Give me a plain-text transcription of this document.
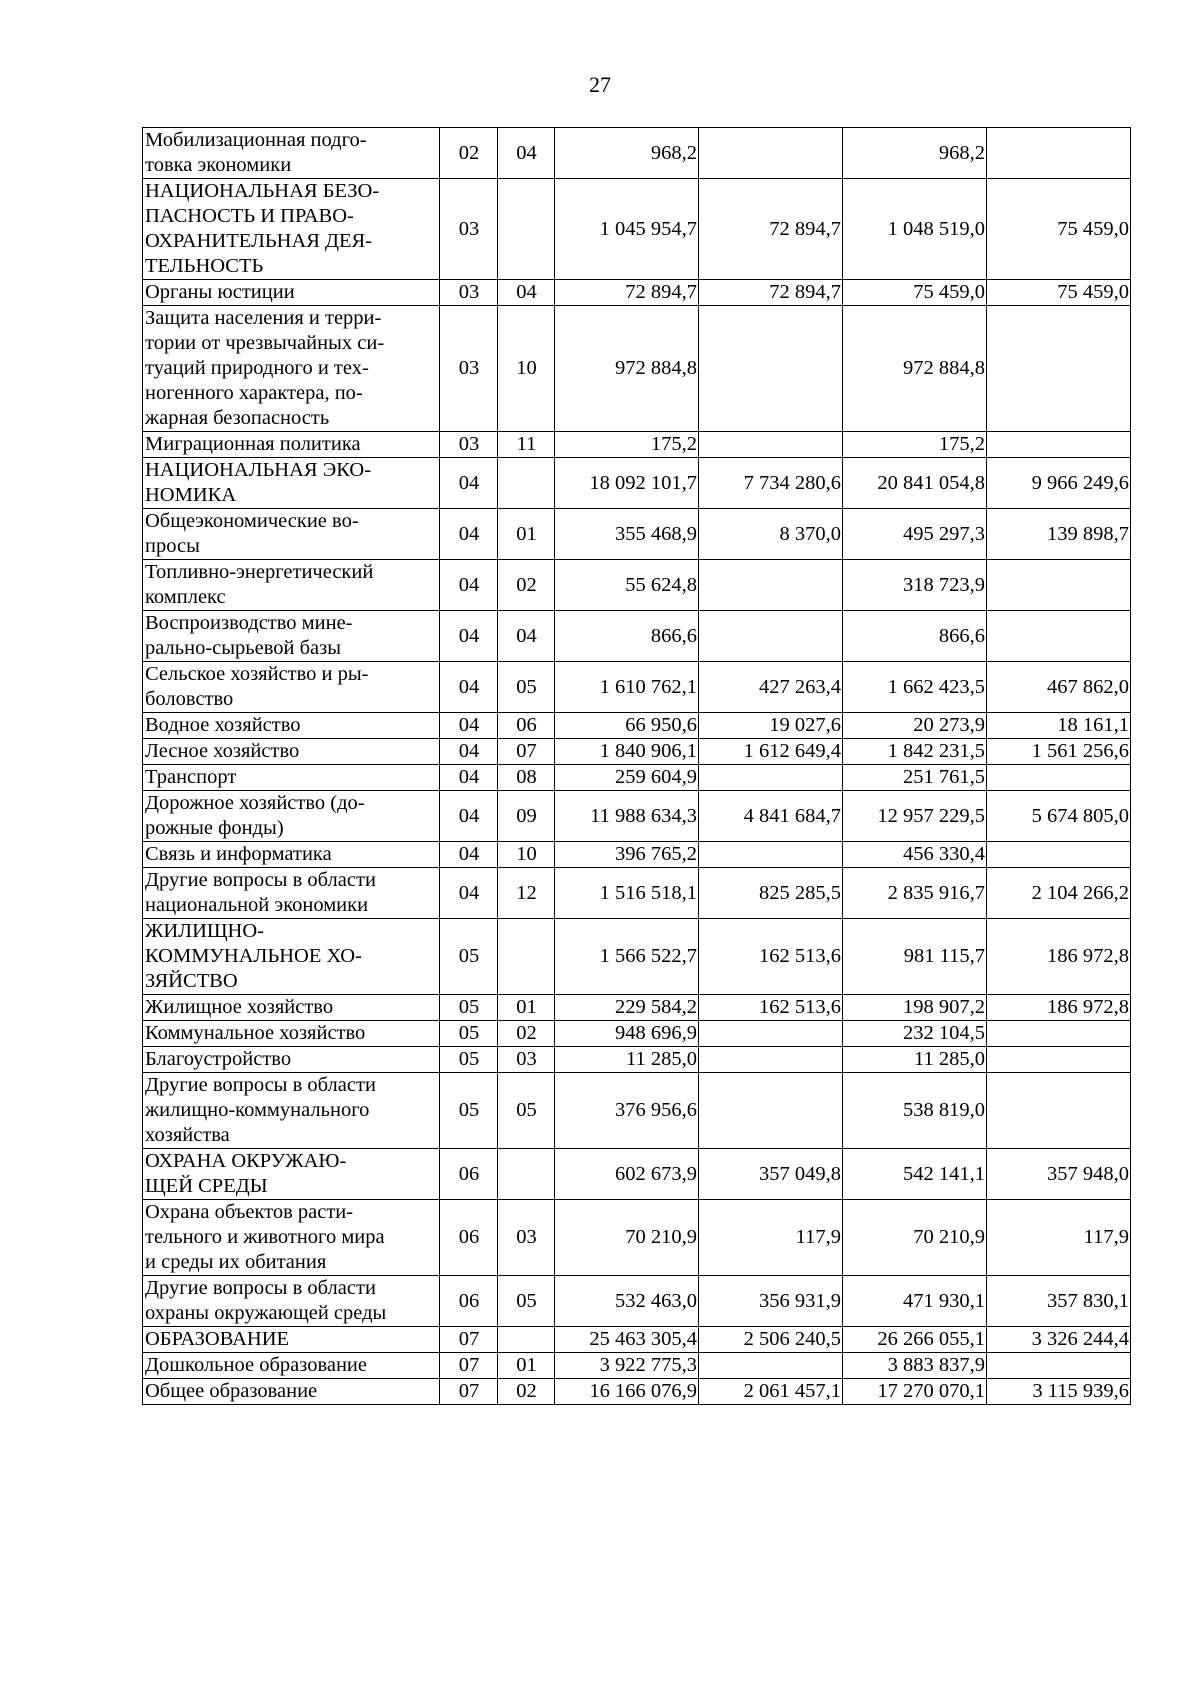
27
Мобилизационная подго-
товка экономики	02	04	968,2		968,2	
НАЦИОНАЛЬНАЯ БЕЗО-
ПАСНОСТЬ И ПРАВО-
ОХРАНИТЕЛЬНАЯ ДЕЯ-
ТЕЛЬНОСТЬ	03		1 045 954,7	72 894,7	1 048 519,0	75 459,0
Органы юстиции	03	04	72 894,7	72 894,7	75 459,0	75 459,0
Защита населения и терри-
тории от чрезвычайных си-
туаций природного и тех-
ногенного характера, по-
жарная безопасность	03	10	972 884,8		972 884,8	
Миграционная политика	03	11	175,2		175,2	
НАЦИОНАЛЬНАЯ ЭКО-
НОМИКА	04		18 092 101,7	7 734 280,6	20 841 054,8	9 966 249,6
Общеэкономические во-
просы	04	01	355 468,9	8 370,0	495 297,3	139 898,7
Топливно-энергетический
комплекс	04	02	55 624,8		318 723,9	
Воспроизводство мине-
рально-сырьевой базы	04	04	866,6		866,6	
Сельское хозяйство и ры-
боловство	04	05	1 610 762,1	427 263,4	1 662 423,5	467 862,0
Водное хозяйство	04	06	66 950,6	19 027,6	20 273,9	18 161,1
Лесное хозяйство	04	07	1 840 906,1	1 612 649,4	1 842 231,5	1 561 256,6
Транспорт	04	08	259 604,9		251 761,5	
Дорожное хозяйство (до-
рожные фонды)	04	09	11 988 634,3	4 841 684,7	12 957 229,5	5 674 805,0
Связь и информатика	04	10	396 765,2		456 330,4	
Другие вопросы в области
национальной экономики	04	12	1 516 518,1	825 285,5	2 835 916,7	2 104 266,2
ЖИЛИЩНО-
КОММУНАЛЬНОЕ ХО-
ЗЯЙСТВО	05		1 566 522,7	162 513,6	981 115,7	186 972,8
Жилищное хозяйство	05	01	229 584,2	162 513,6	198 907,2	186 972,8
Коммунальное хозяйство	05	02	948 696,9		232 104,5	
Благоустройство	05	03	11 285,0		11 285,0	
Другие вопросы в области
жилищно-коммунального
хозяйства	05	05	376 956,6		538 819,0	
ОХРАНА ОКРУЖАЮ-
ЩЕЙ СРЕДЫ	06		602 673,9	357 049,8	542 141,1	357 948,0
Охрана объектов расти-
тельного и животного мира
и среды их обитания	06	03	70 210,9	117,9	70 210,9	117,9
Другие вопросы в области
охраны окружающей среды	06	05	532 463,0	356 931,9	471 930,1	357 830,1
ОБРАЗОВАНИЕ	07		25 463 305,4	2 506 240,5	26 266 055,1	3 326 244,4
Дошкольное образование	07	01	3 922 775,3		3 883 837,9	
Общее образование	07	02	16 166 076,9	2 061 457,1	17 270 070,1	3 115 939,6
